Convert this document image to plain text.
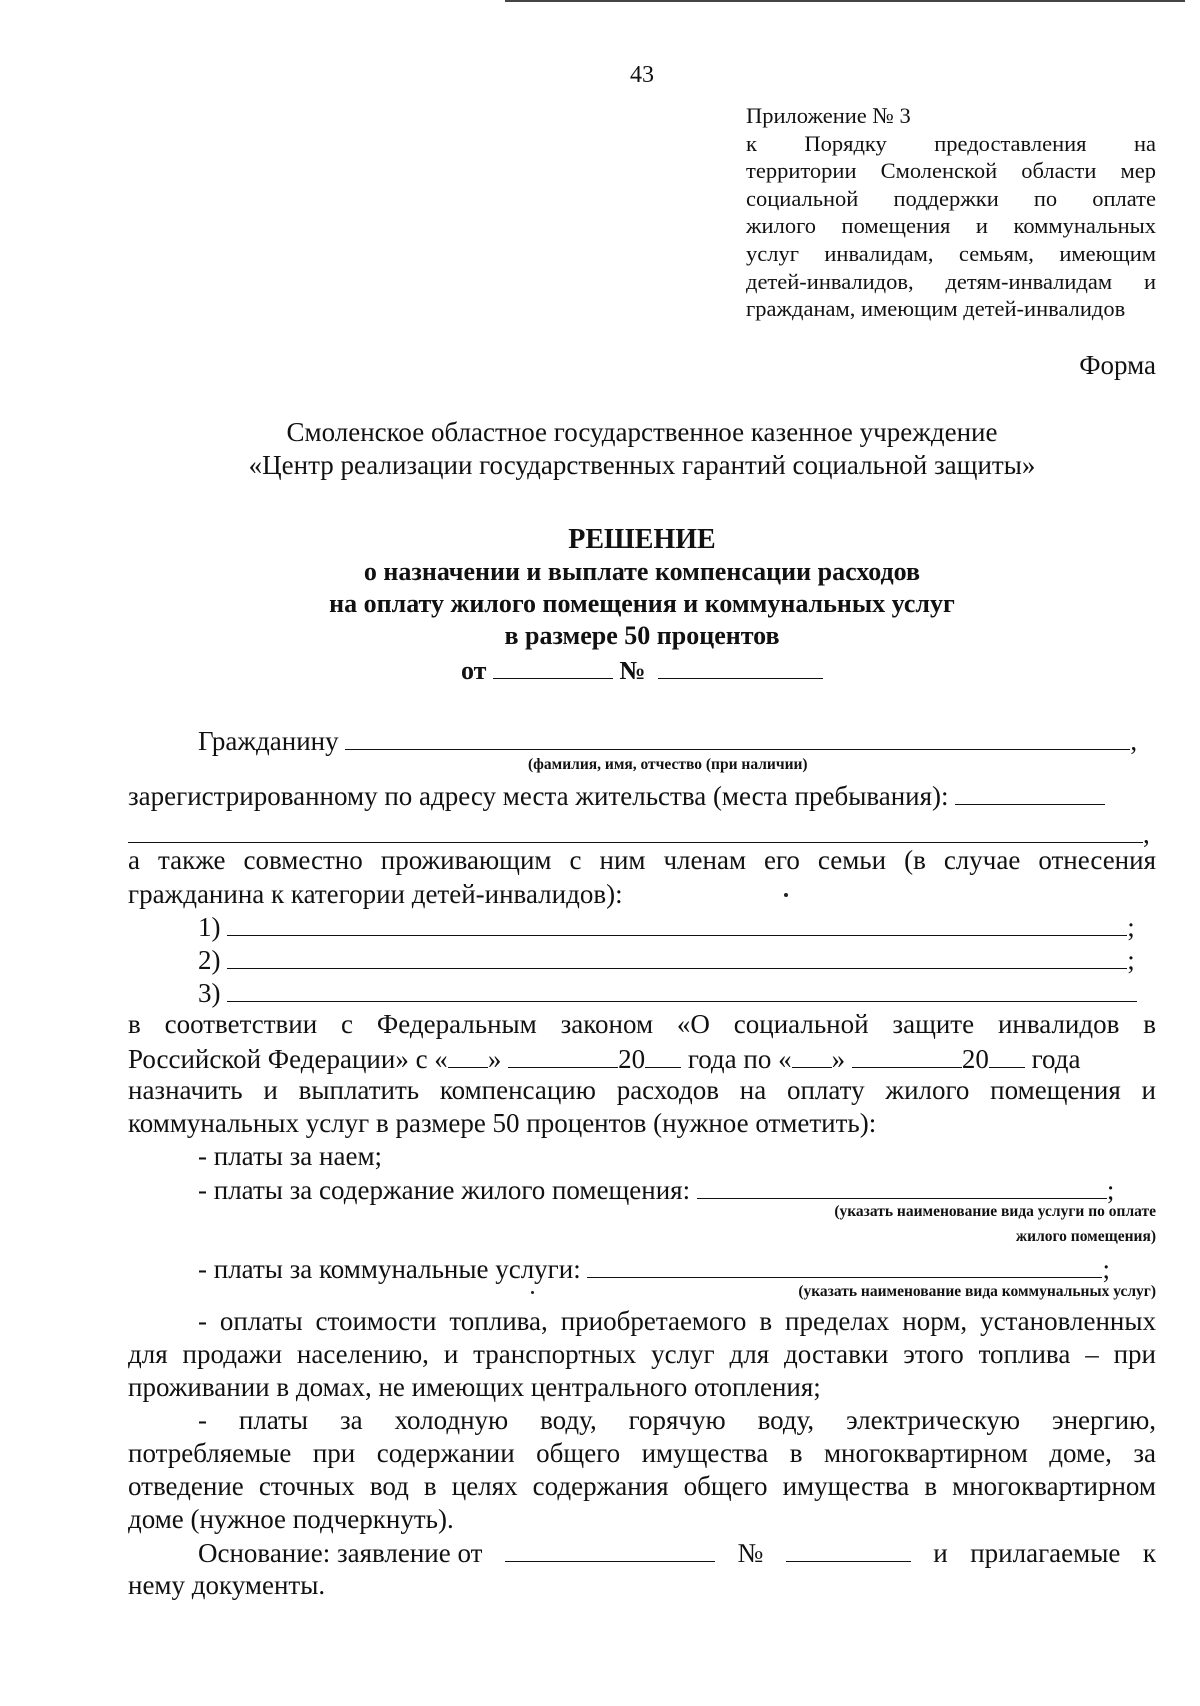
43
Приложение № 3
к Порядку предоставления на
территории Смоленской области мер
социальной поддержки по оплате
жилого помещения и коммунальных
услуг инвалидам, семьям, имеющим
детей-инвалидов, детям-инвалидам и
гражданам, имеющим детей-инвалидов
Форма
Смоленское областное государственное казенное учреждение
«Центр реализации государственных гарантий социальной защиты»
РЕШЕНИЕ
о назначении и выплате компенсации расходов
на оплату жилого помещения и коммунальных услуг
в размере 50 процентов
от	№
Гражданину	,
(фамилия, имя, отчество (при наличии)
зарегистрированному по адресу места жительства (места пребывания):
,
а также совместно проживающим с ним членам его семьи (в случае отнесения
гражданина к категории детей-инвалидов):
1)	;
2)	;
3)
в соответствии с Федеральным законом «О социальной защите инвалидов в
Российской Федерации» с « »	20 года по « »	20 года
назначить и выплатить компенсацию расходов на оплату жилого помещения и
коммунальных услуг в размере 50 процентов (нужное отметить):
- платы за наем;
- платы за содержание жилого помещения:	;
(указать наименование вида услуги по оплате
жилого помещения)
- платы за коммунальные услуги:	;
(указать наименование вида коммунальных услуг)
- оплаты стоимости топлива, приобретаемого в пределах норм, установленных
для продажи населению, и транспортных услуг для доставки этого топлива – при
проживании в домах, не имеющих центрального отопления;
- платы за холодную воду, горячую воду, электрическую энергию,
потребляемые при содержании общего имущества в многоквартирном доме, за
отведение сточных вод в целях содержания общего имущества в многоквартирном
доме (нужное подчеркнуть).
Основание: заявление от	№	и прилагаемые к
нему документы.
